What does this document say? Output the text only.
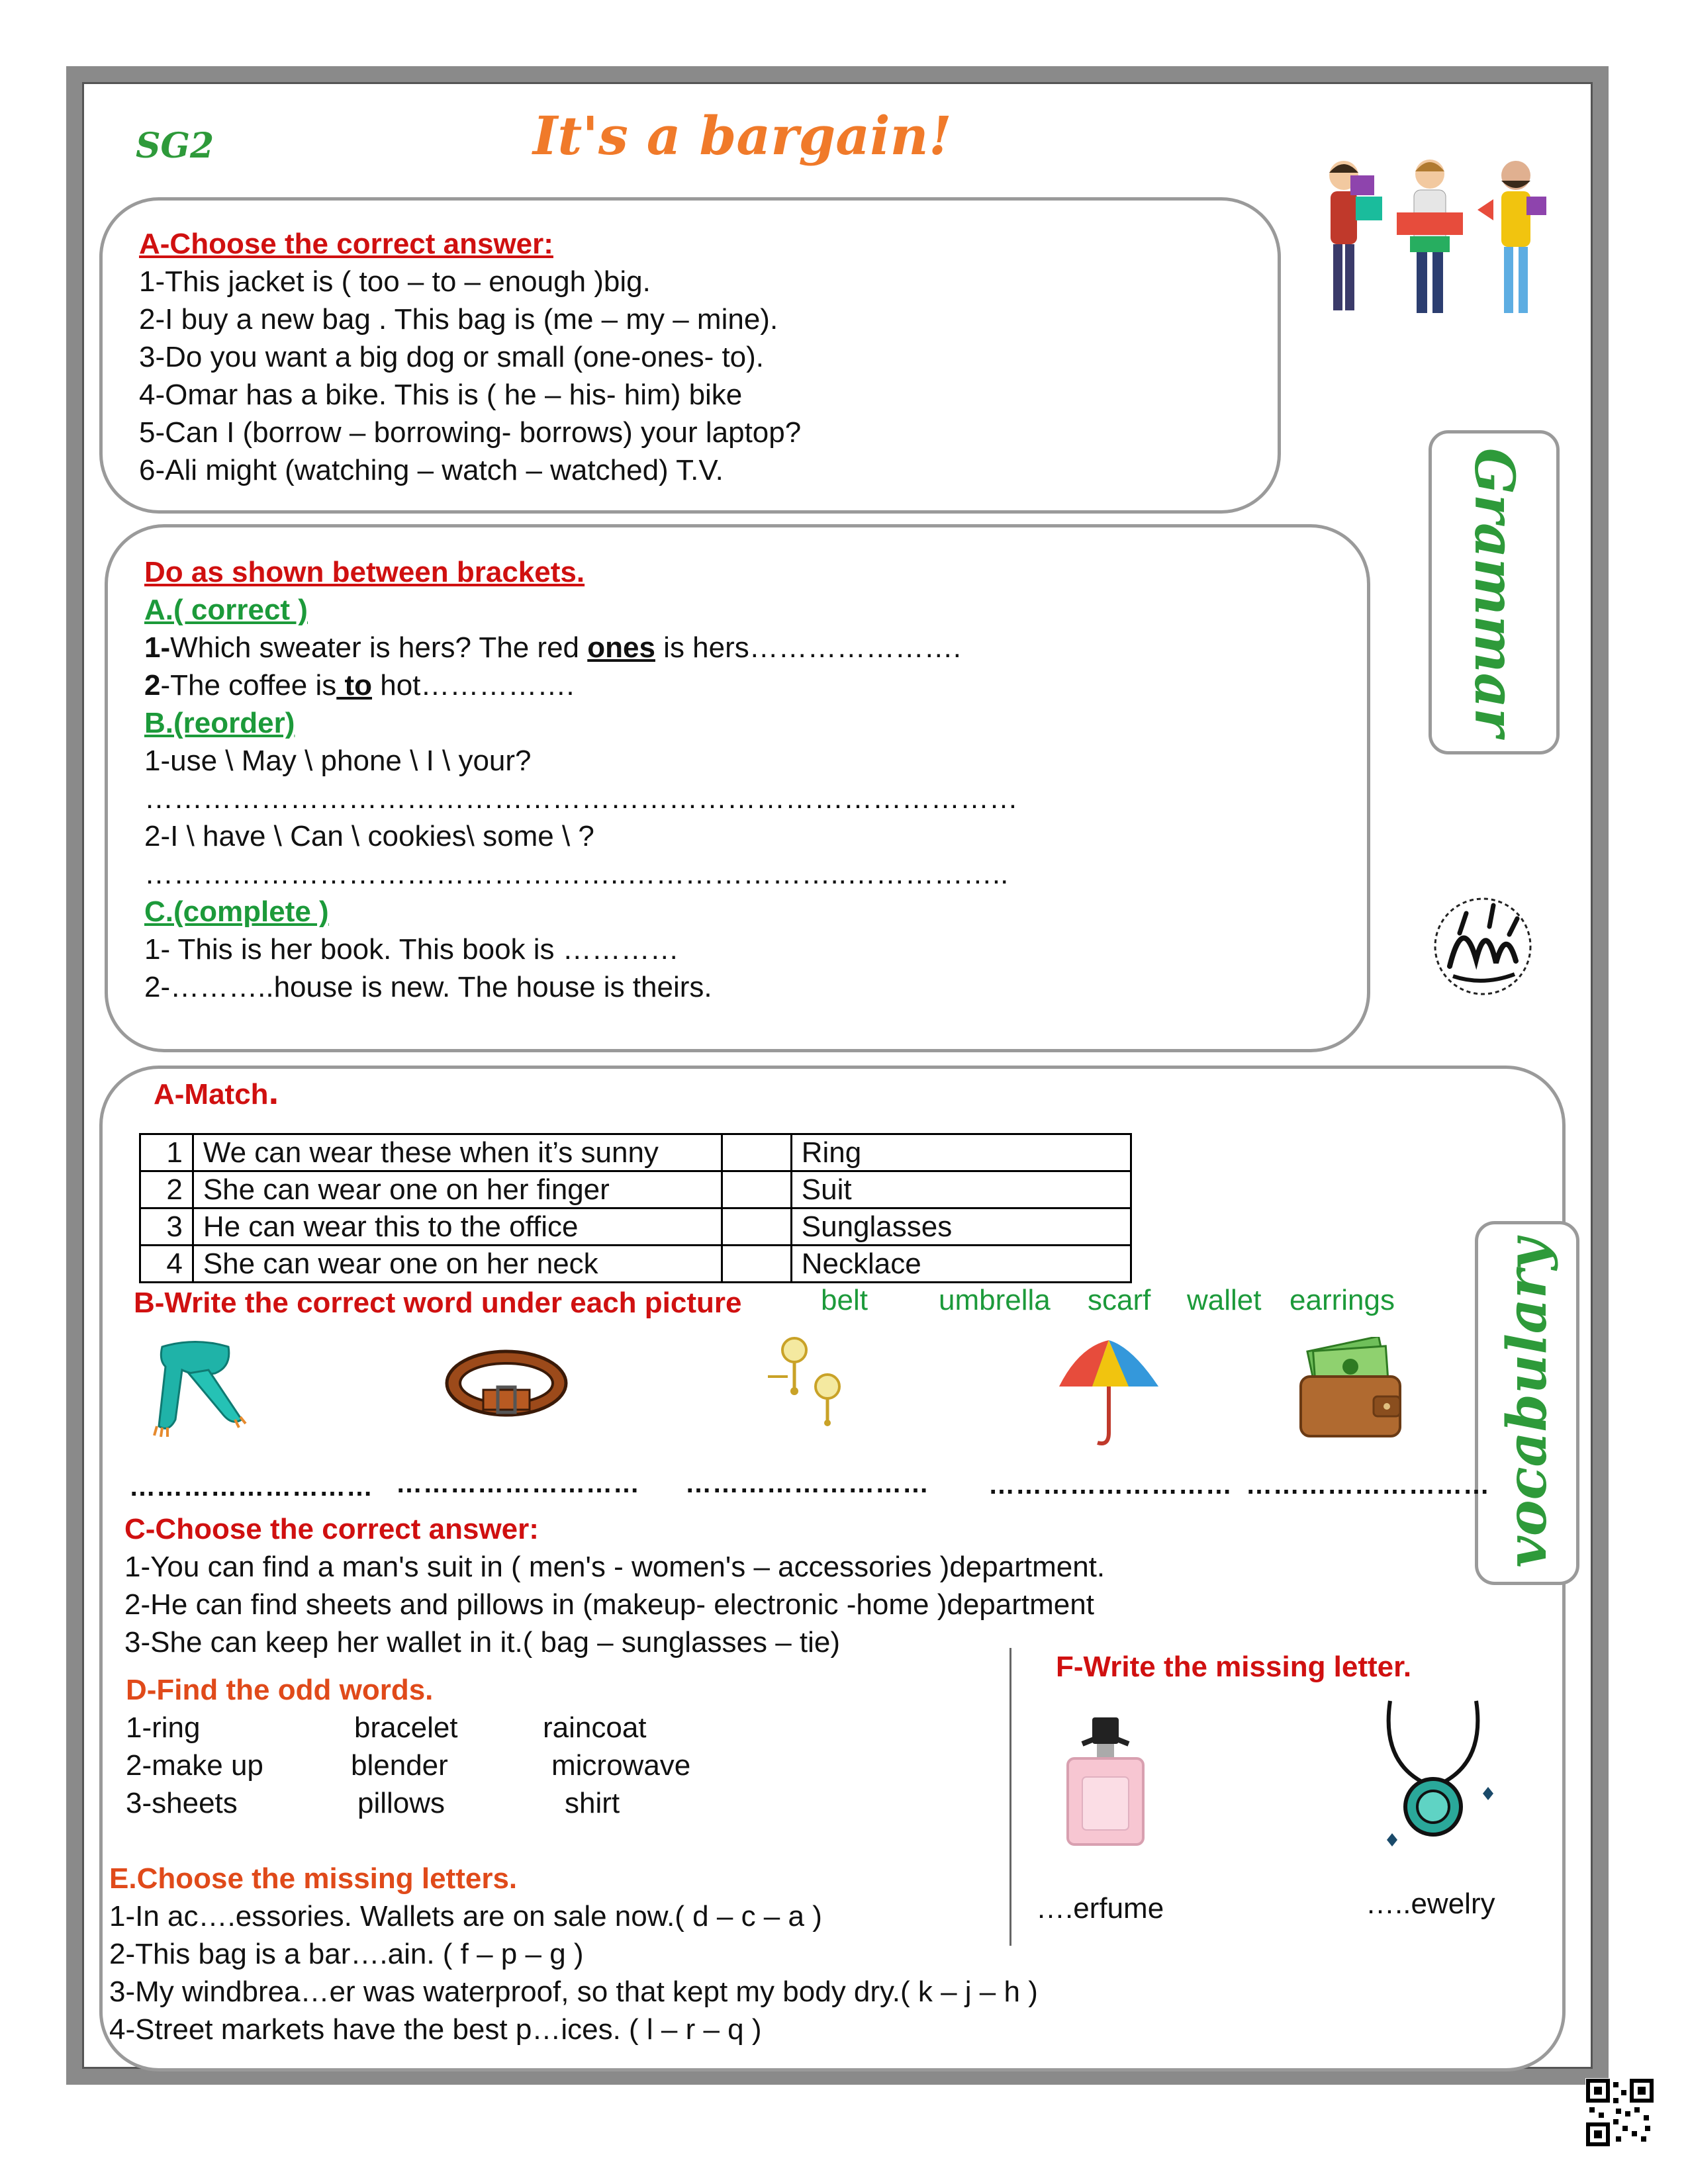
SG2	It's a bargain!
A-Choose the correct answer:
1-This jacket is ( too – to – enough )big.
2-I buy a new bag . This bag is (me – my – mine).
3-Do you want a big dog or small (one-ones- to).
4-Omar has a bike. This is ( he – his- him) bike
5-Can I (borrow – borrowing- borrows) your laptop?
6-Ali might (watching – watch – watched) T.V.	Grammar
Do as shown between brackets.
A.( correct )
1-Which sweater is hers? The red ones is hers………………….
2-The coffee is to hot…………….
B.(reorder)
1-use \ May \ phone \ I \ your?
………………………………………………………………………………
2-I \ have \ Can \ cookies\ some \ ?
…………………………………………..…………………..……………..
C.(complete )
1- This is her book. This book is …………
2-………..house is new. The house is theirs.
vocabulary
A-Match.
1	We can wear these when it’s sunny		Ring
2	She can wear one on her finger		Suit
3	He can wear this to the office		Sunglasses
4	She can wear one on her neck		Necklace
B-Write the correct word under each picture	belt umbrella scarf wallet earrings
……………………… ……………………… ……………………… ……………………… ………………………
C-Choose the correct answer:
1-You can find a man's suit in ( men's - women's – accessories )department.
2-He can find sheets and pillows in (makeup- electronic -home )department
3-She can keep her wallet in it.( bag – sunglasses – tie)
D-Find the odd words.
1-ring	bracelet	raincoat
2-make up	blender	microwave
3-sheets	pillows	shirt
F-Write the missing letter.
….erfume	…..ewelry
E.Choose the missing letters.
1-In ac….essories. Wallets are on sale now.( d – c – a )
2-This bag is a bar….ain. ( f – p – g )
3-My windbrea…er was waterproof, so that kept my body dry.( k – j – h )
4-Street markets have the best p…ices. ( l – r – q )
